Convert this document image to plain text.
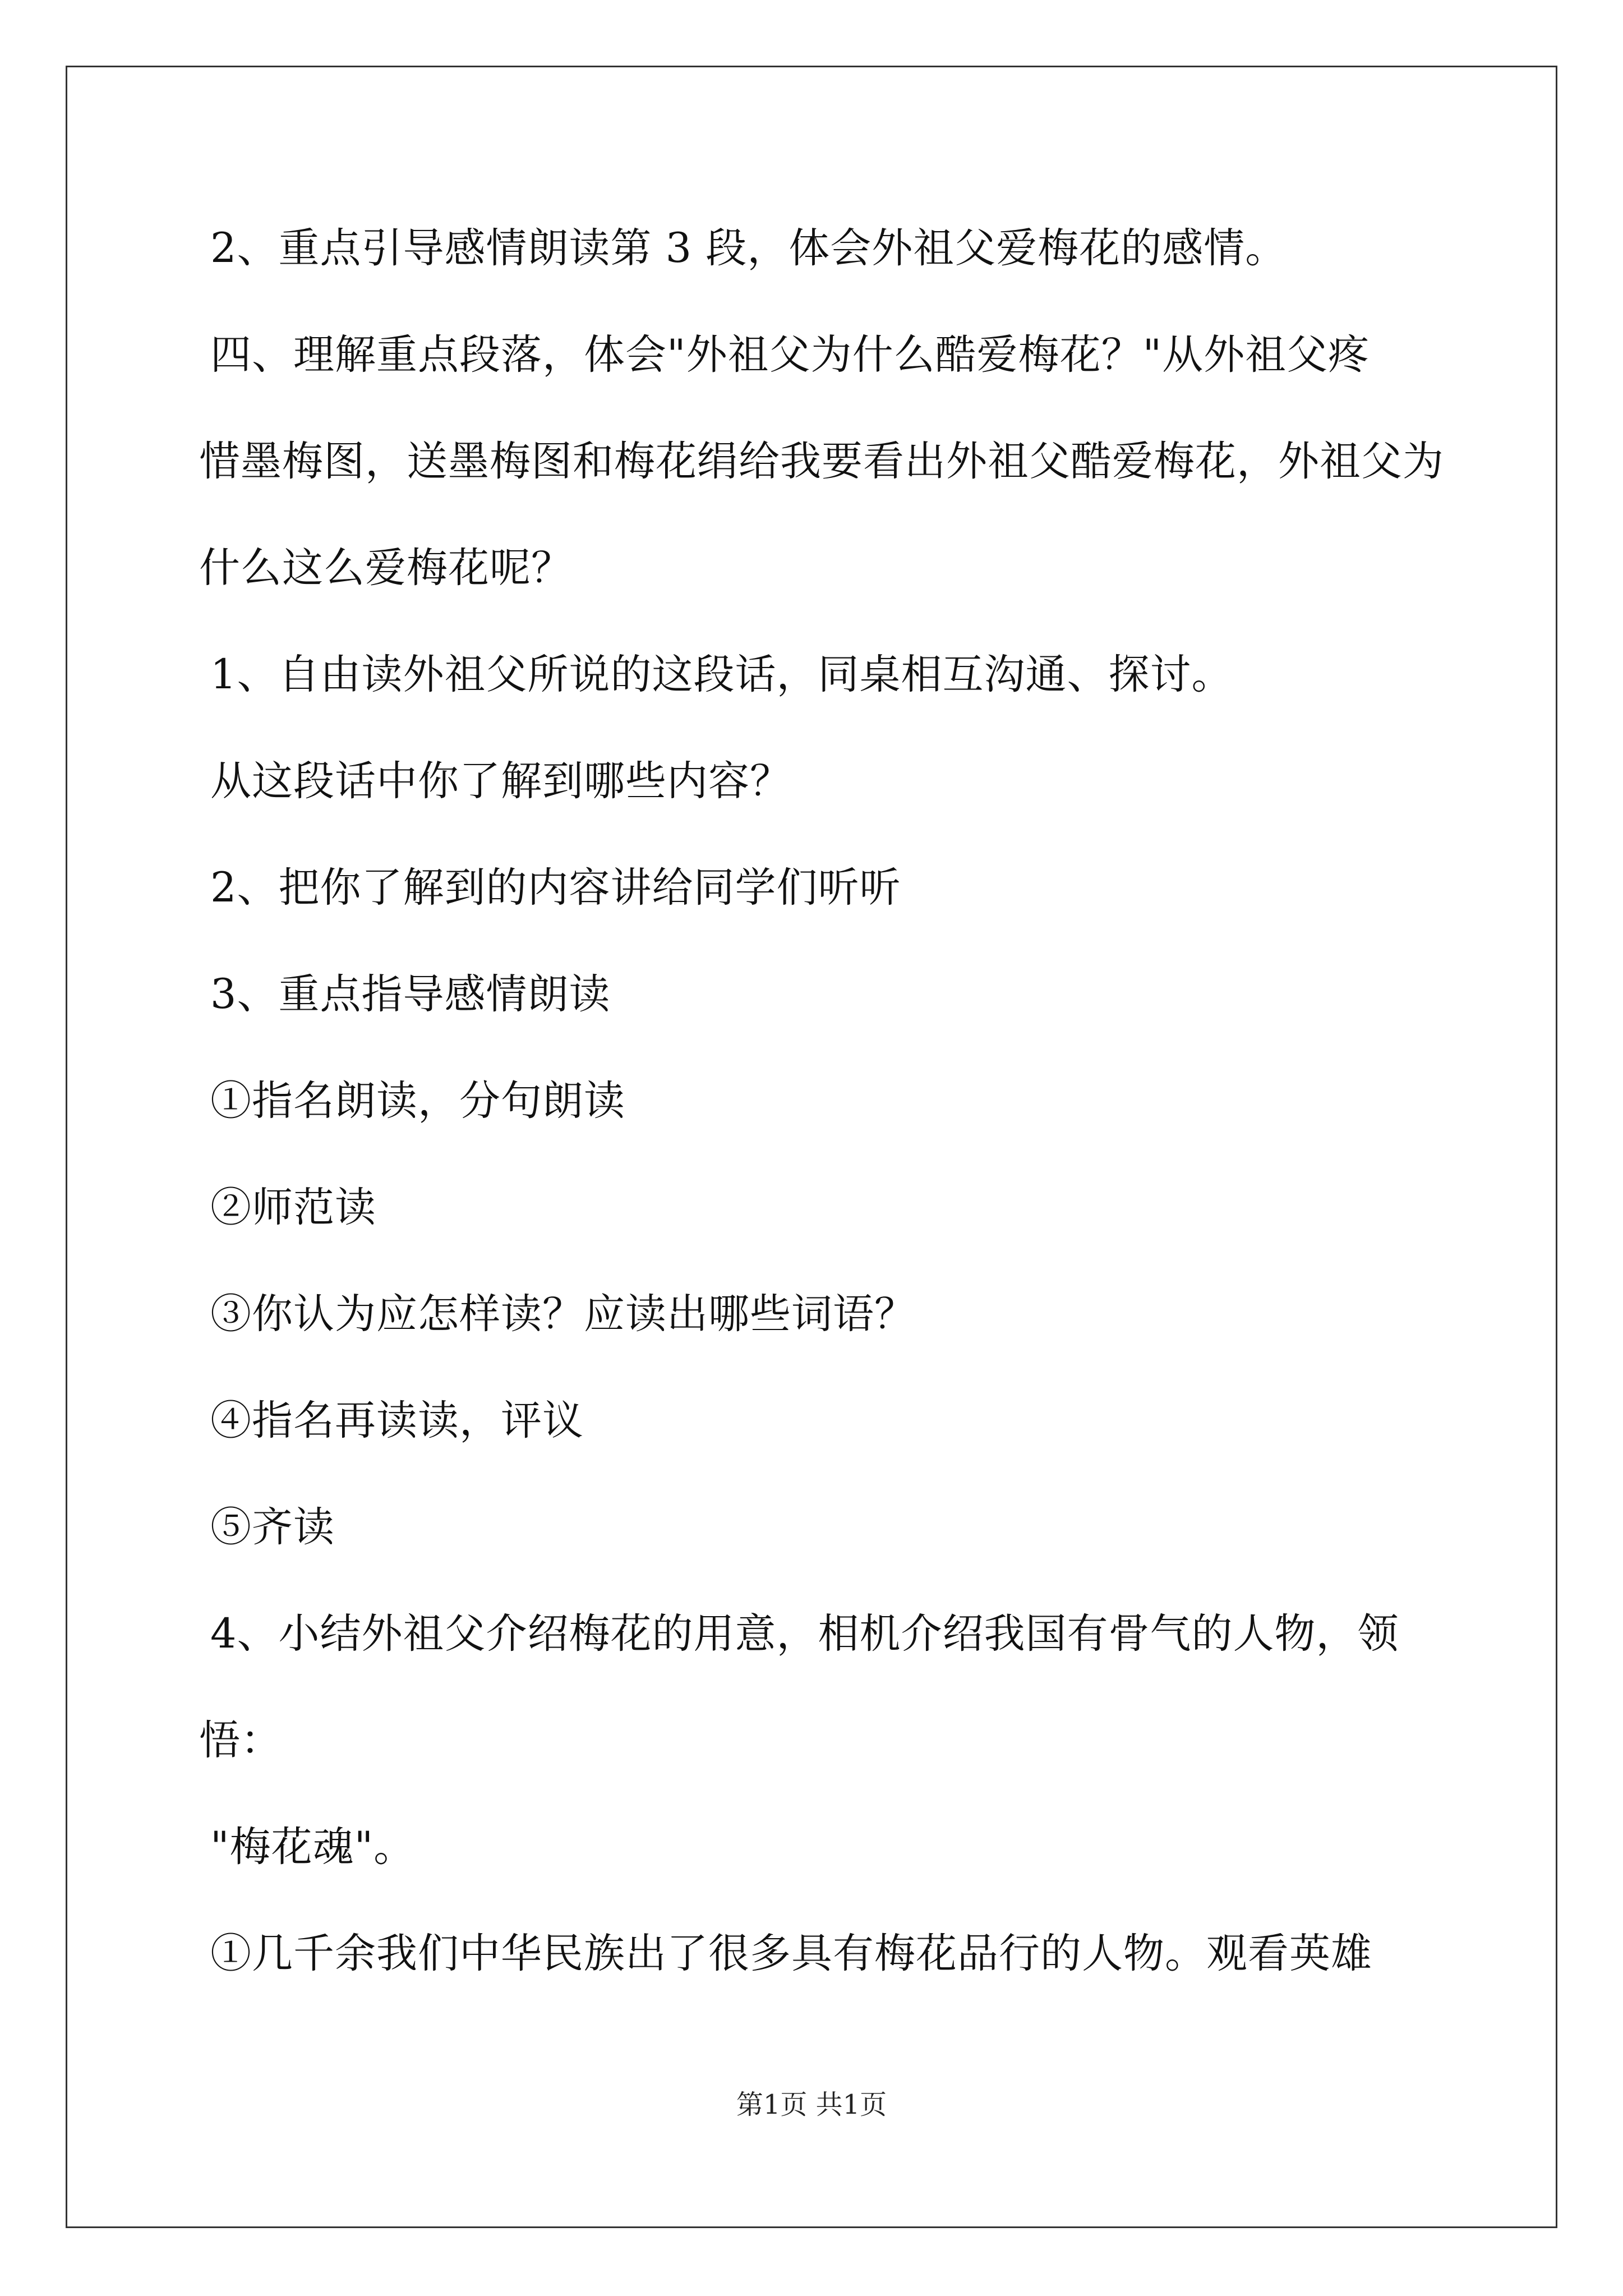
2、重点引导感情朗读第 3 段，体会外祖父爱梅花的感情。
四、理解重点段落，体会"外祖父为什么酷爱梅花？"从外祖父疼
惜墨梅图，送墨梅图和梅花绢给我要看出外祖父酷爱梅花，外祖父为
什么这么爱梅花呢？
1、自由读外祖父所说的这段话，同桌相互沟通、探讨。
从这段话中你了解到哪些内容？
2、把你了解到的内容讲给同学们听听
3、重点指导感情朗读
①指名朗读，分句朗读
②师范读
③你认为应怎样读？应读出哪些词语？
④指名再读读，评议
⑤齐读
4、小结外祖父介绍梅花的用意，相机介绍我国有骨气的人物，领
悟：
"梅花魂"。
①几千余我们中华民族出了很多具有梅花品行的人物。观看英雄
第1页 共1页
